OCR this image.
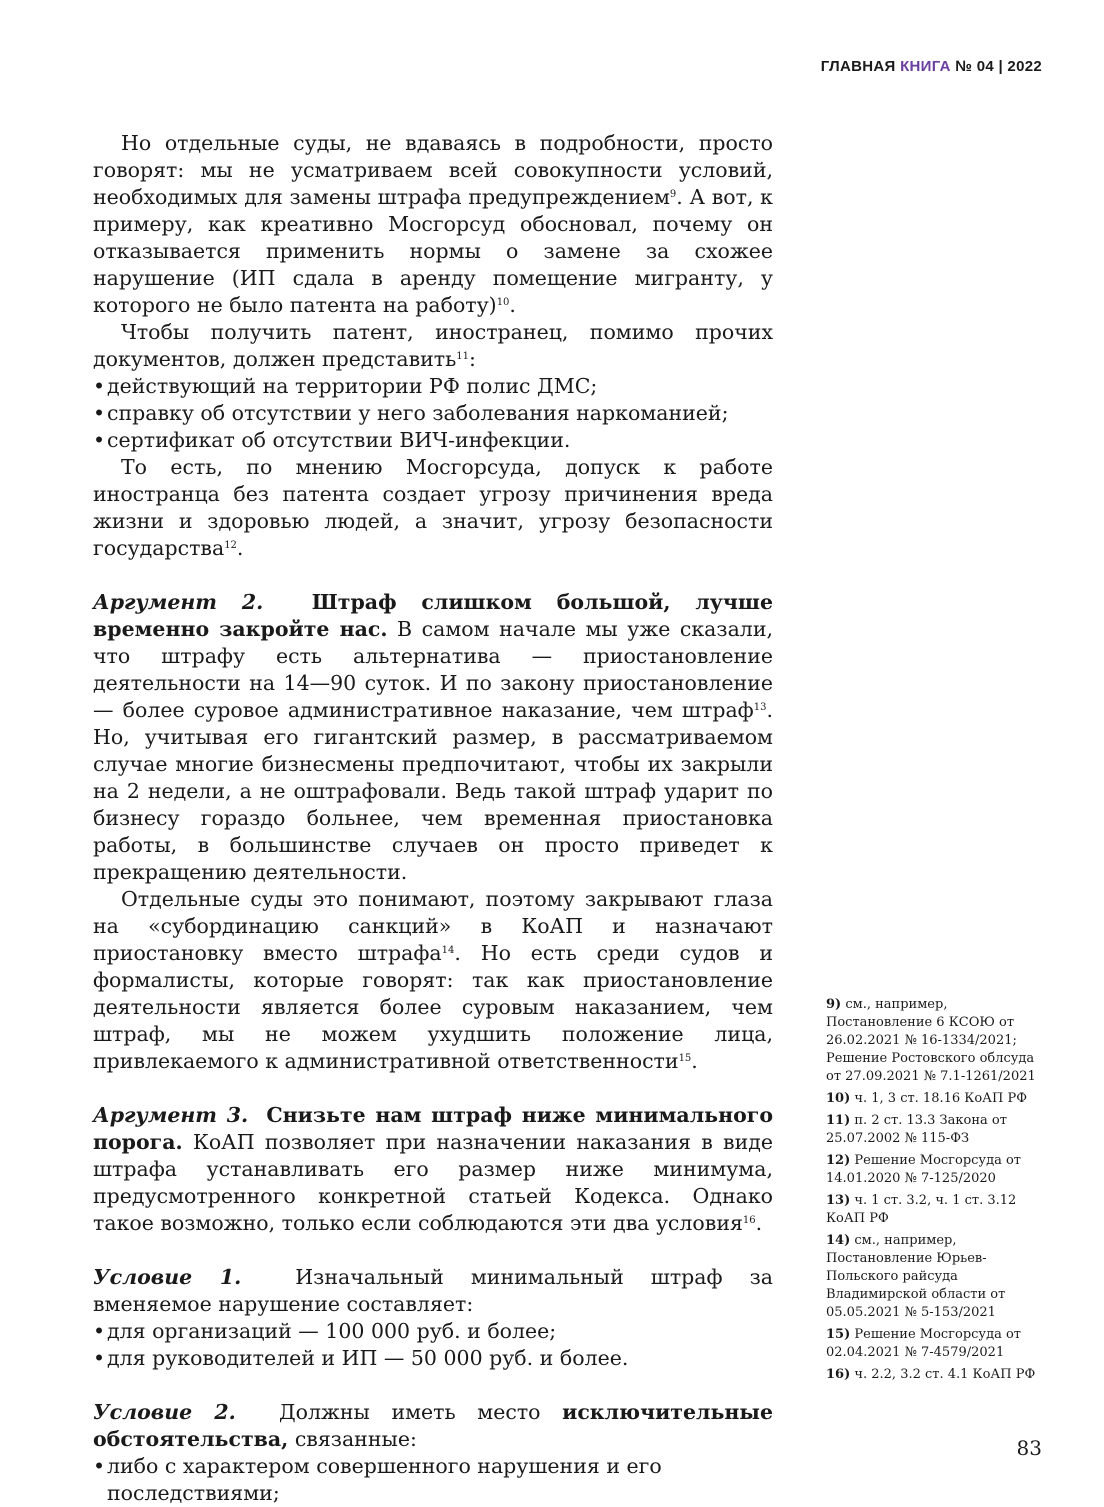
ГЛАВНАЯ КНИГА № 04 | 2022

Но отдельные суды, не вдаваясь в подробности, просто говорят: мы не усматриваем всей совокупности условий, необходимых для замены штрафа предупреждением$^9$. А вот, к примеру, как креативно Мосгорсуд обосновал, почему он отказывается применить нормы о замене за схожее нарушение (ИП сдала в аренду помещение мигранту, у которого не было патента на работу)$^{10}$.

Чтобы получить патент, иностранец, помимо прочих документов, должен представить$^{11}$:

• действующий на территории РФ полис ДМС;
• справку об отсутствии у него заболевания наркоманией;
• сертификат об отсутствии ВИЧ-инфекции.

То есть, по мнению Мосгорсуда, допуск к работе иностранца без патента создает угрозу причинения вреда жизни и здоровью людей, а значит, угрозу безопасности государства$^{12}$.

Аргумент 2. Штраф слишком большой, лучше временно закройте нас. В самом начале мы уже сказали, что штрафу есть альтернатива — приостановление деятельности на 14—90 суток. И по закону приостановление — более суровое административное наказание, чем штраф$^{13}$. Но, учитывая его гигантский размер, в рассматриваемом случае многие бизнесмены предпочитают, чтобы их закрыли на 2 недели, а не оштрафовали. Ведь такой штраф ударит по бизнесу гораздо больнее, чем временная приостановка работы, в большинстве случаев он просто приведет к прекращению деятельности.

Отдельные суды это понимают, поэтому закрывают глаза на «субординацию санкций» в КоАП и назначают приостановку вместо штрафа$^{14}$. Но есть среди судов и формалисты, которые говорят: так как приостановление деятельности является более суровым наказанием, чем штраф, мы не можем ухудшить положение лица, привлекаемого к административной ответственности$^{15}$.

Аргумент 3. Снизьте нам штраф ниже минимального порога. КоАП позволяет при назначении наказания в виде штрафа устанавливать его размер ниже минимума, предусмотренного конкретной статьей Кодекса. Однако такое возможно, только если соблюдаются эти два условия$^{16}$.

Условие 1.  Изначальный минимальный штраф за вменяемое нарушение составляет:

• для организаций — 100 000 руб. и более;
• для руководителей и ИП — 50 000 руб. и более.

Условие 2.  Должны иметь место исключительные обстоятельства, связанные:

• либо с характером совершенного нарушения и его последствиями;

9) см., например, Постановление 6 КСОЮ от 26.02.2021 № 16-1334/2021; Решение Ростовского облсуда от 27.09.2021 № 7.1-1261/2021

10) ч. 1, 3 ст. 18.16 КоАП РФ

11) п. 2 ст. 13.3 Закона от 25.07.2002 № 115-ФЗ

12) Решение Мосгорсуда от 14.01.2020 № 7-125/2020

13) ч. 1 ст. 3.2, ч. 1 ст. 3.12 КоАП РФ

14) см., например, Постановление Юрьев-Польского райсуда Владимирской области от 05.05.2021 № 5-153/2021

15) Решение Мосгорсуда от 02.04.2021 № 7-4579/2021

16) ч. 2.2, 3.2 ст. 4.1 КоАП РФ

83
